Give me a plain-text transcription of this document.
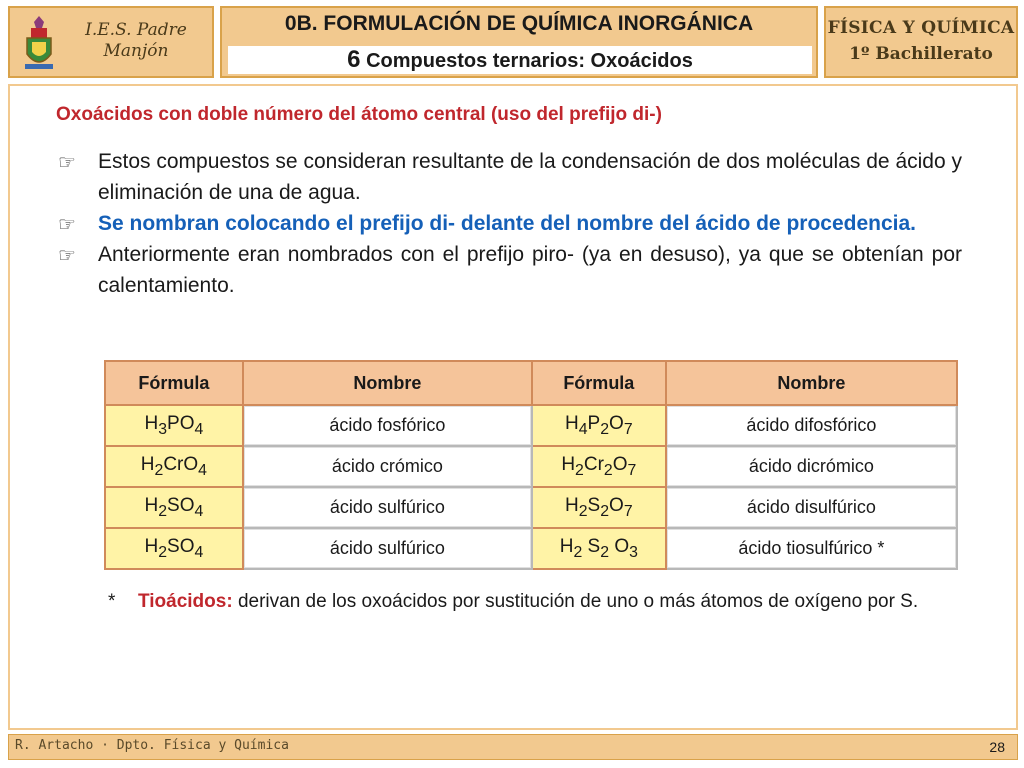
I.E.S. Padre
Manjón
0B. FORMULACIÓN DE QUÍMICA INORGÁNICA
6 Compuestos ternarios: Oxoácidos
FÍSICA Y QUÍMICA
1º Bachillerato
Oxoácidos con doble número del átomo central (uso del prefijo di-)
☞ Estos compuestos se consideran resultante de la condensación de dos moléculas de ácido y eliminación de una de agua.
☞ Se nombran colocando el prefijo di- delante del nombre del ácido de procedencia.
☞ Anteriormente eran nombrados con el prefijo piro- (ya en desuso), ya que se obtenían por calentamiento.
Fórmula	Nombre	Fórmula	Nombre
$H_3PO_4$	ácido fosfórico	$H_4P_2O_7$	ácido difosfórico
$H_2CrO_4$	ácido crómico	$H_2Cr_2O_7$	ácido dicrómico
$H_2SO_4$	ácido sulfúrico	$H_2S_2O_7$	ácido disulfúrico
$H_2SO_4$	ácido sulfúrico	$H_2$ $S_2$ $O_3$	ácido tiosulfúrico *
*	Tioácidos: derivan de los oxoácidos por sustitución de uno o más átomos de oxígeno por S.
R. Artacho · Dpto. Física y Química	28
